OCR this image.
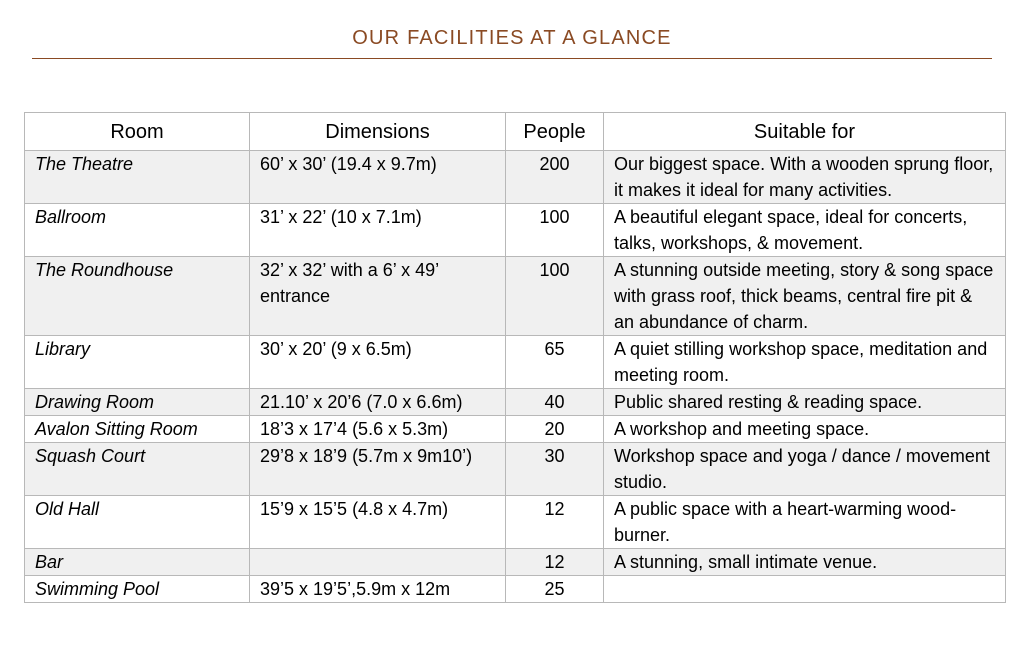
OUR FACILITIES AT A GLANCE
Room	Dimensions	People	Suitable for
The Theatre	60’ x 30’ (19.4 x 9.7m)	200	Our biggest space. With a wooden sprung floor, it makes it ideal for many activities.
Ballroom	31’ x 22’ (10 x 7.1m)	100	A beautiful elegant space, ideal for concerts, talks, workshops, & movement.
The Roundhouse	32’ x 32’ with a 6’ x 49’ entrance	100	A stunning outside meeting, story & song space with grass roof, thick beams, central fire pit & an abundance of charm.
Library	30’ x 20’ (9 x 6.5m)	65	A quiet stilling workshop space, meditation and meeting room.
Drawing Room	21.10’ x 20’6 (7.0 x 6.6m)	40	Public shared resting & reading space.
Avalon Sitting Room	18’3 x 17’4 (5.6 x 5.3m)	20	A workshop and meeting space.
Squash Court	29’8 x 18’9 (5.7m x 9m10’)	30	Workshop space and yoga / dance / movement studio.
Old Hall	15’9 x 15’5 (4.8 x 4.7m)	12	A public space with a heart-warming wood-burner.
Bar		12	A stunning, small intimate venue.
Swimming Pool	39’5 x 19’5’,5.9m x 12m	25	
